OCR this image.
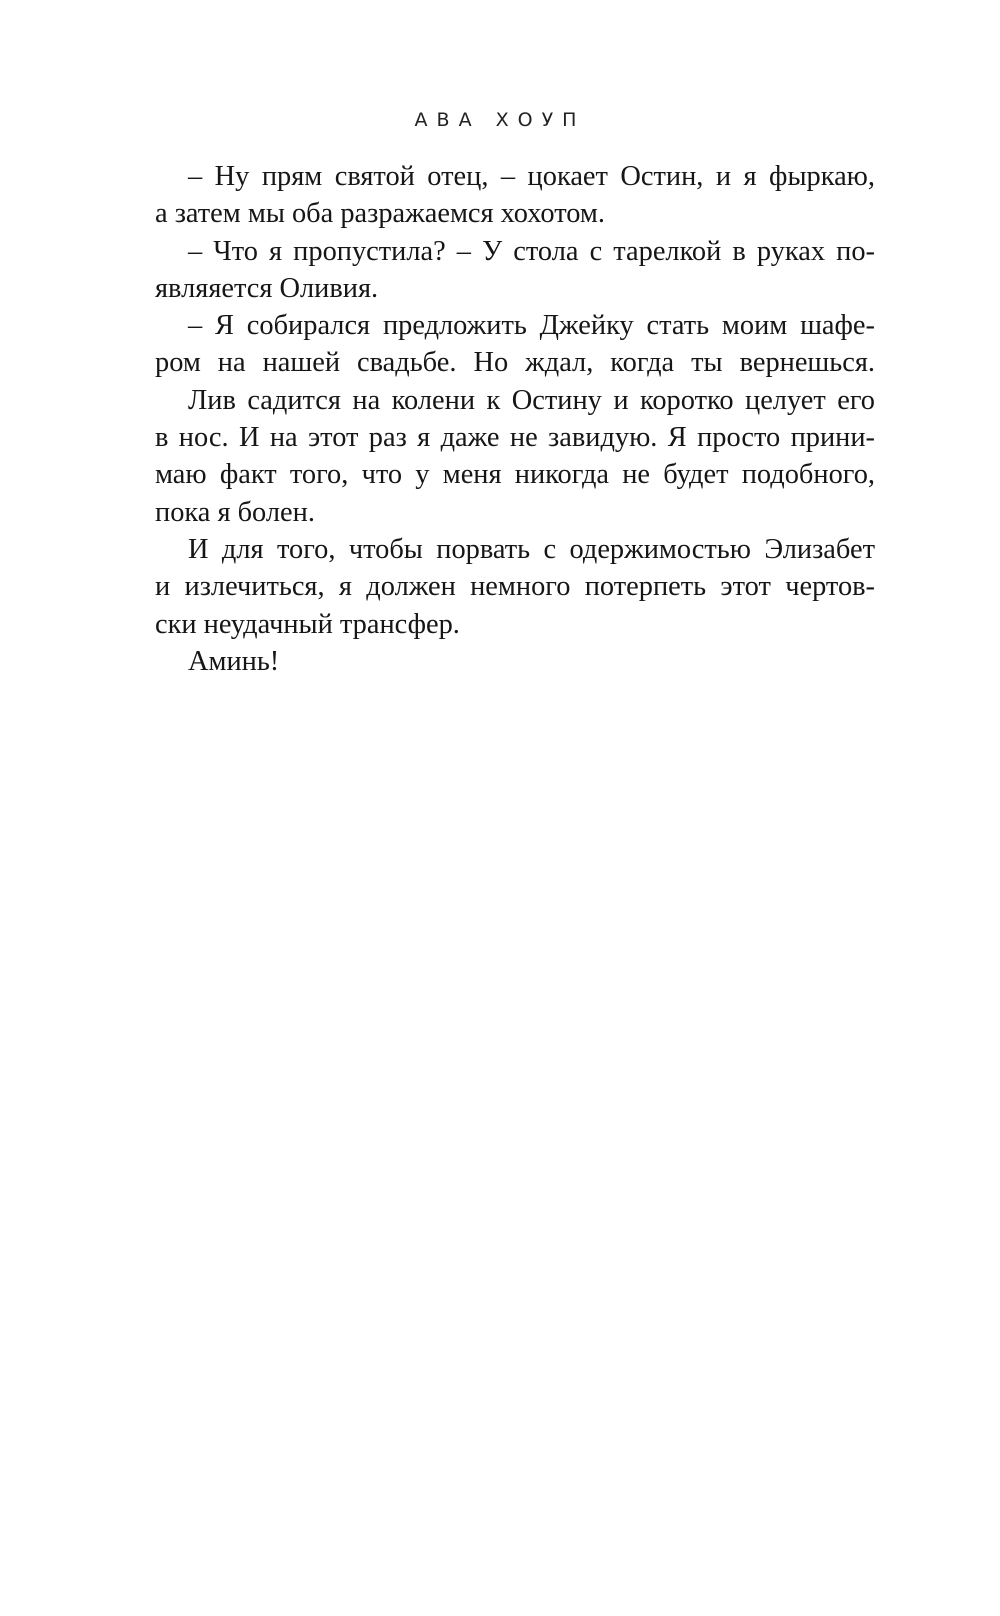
АВА ХОУП
– Ну прям святой отец, – цокает Остин, и я фыркаю,
а затем мы оба разражаемся хохотом.
– Что я пропустила? – У стола с тарелкой в руках по-
являяется Оливия.
– Я собирался предложить Джейку стать моим шафе-
ром на нашей свадьбе. Но ждал, когда ты вернешься.
Лив садится на колени к Остину и коротко целует его
в нос. И на этот раз я даже не завидую. Я просто прини-
маю факт того, что у меня никогда не будет подобного,
пока я болен.
И для того, чтобы порвать с одержимостью Элизабет
и излечиться, я должен немного потерпеть этот чертов-
ски неудачный трансфер.
Аминь!
